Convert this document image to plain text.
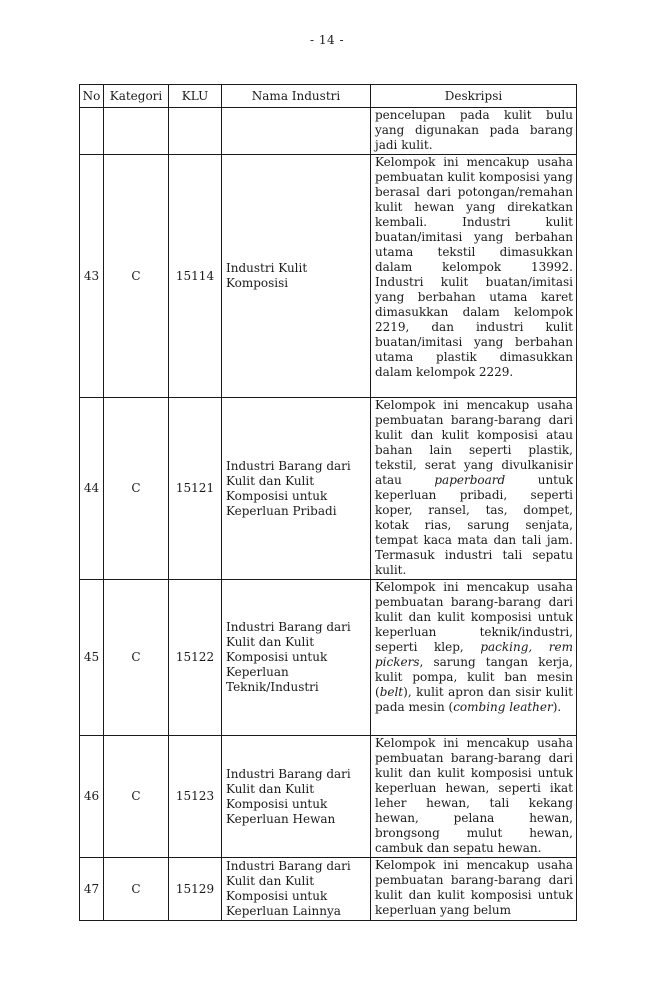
- 14 -
No	Kategori	KLU	Nama Industri	Deskripsi
				pencelupan pada kulit bulu yang digunakan pada barang jadi kulit.
43	C	15114	Industri Kulit Komposisi	Kelompok ini mencakup usaha pembuatan kulit komposisi yang berasal dari potongan/remahan kulit hewan yang direkatkan kembali. Industri kulit buatan/imitasi yang berbahan utama tekstil dimasukkan dalam kelompok 13992. Industri kulit buatan/imitasi yang berbahan utama karet dimasukkan dalam kelompok 2219, dan industri kulit buatan/imitasi yang berbahan utama plastik dimasukkan dalam kelompok 2229.
44	C	15121	Industri Barang dari Kulit dan Kulit Komposisi untuk Keperluan Pribadi	Kelompok ini mencakup usaha pembuatan barang-barang dari kulit dan kulit komposisi atau bahan lain seperti plastik, tekstil, serat yang divulkanisir atau paperboard untuk keperluan pribadi, seperti koper, ransel, tas, dompet, kotak rias, sarung senjata, tempat kaca mata dan tali jam. Termasuk industri tali sepatu kulit.
45	C	15122	Industri Barang dari Kulit dan Kulit Komposisi untuk Keperluan Teknik/Industri	Kelompok ini mencakup usaha pembuatan barang-barang dari kulit dan kulit komposisi untuk keperluan teknik/industri, seperti klep, packing, rem pickers, sarung tangan kerja, kulit pompa, kulit ban mesin (belt), kulit apron dan sisir kulit pada mesin (combing leather).
46	C	15123	Industri Barang dari Kulit dan Kulit Komposisi untuk Keperluan Hewan	Kelompok ini mencakup usaha pembuatan barang-barang dari kulit dan kulit komposisi untuk keperluan hewan, seperti ikat leher hewan, tali kekang hewan, pelana hewan, brongsong mulut hewan, cambuk dan sepatu hewan.
47	C	15129	Industri Barang dari Kulit dan Kulit Komposisi untuk Keperluan Lainnya	Kelompok ini mencakup usaha pembuatan barang-barang dari kulit dan kulit komposisi untuk keperluan yang belum
